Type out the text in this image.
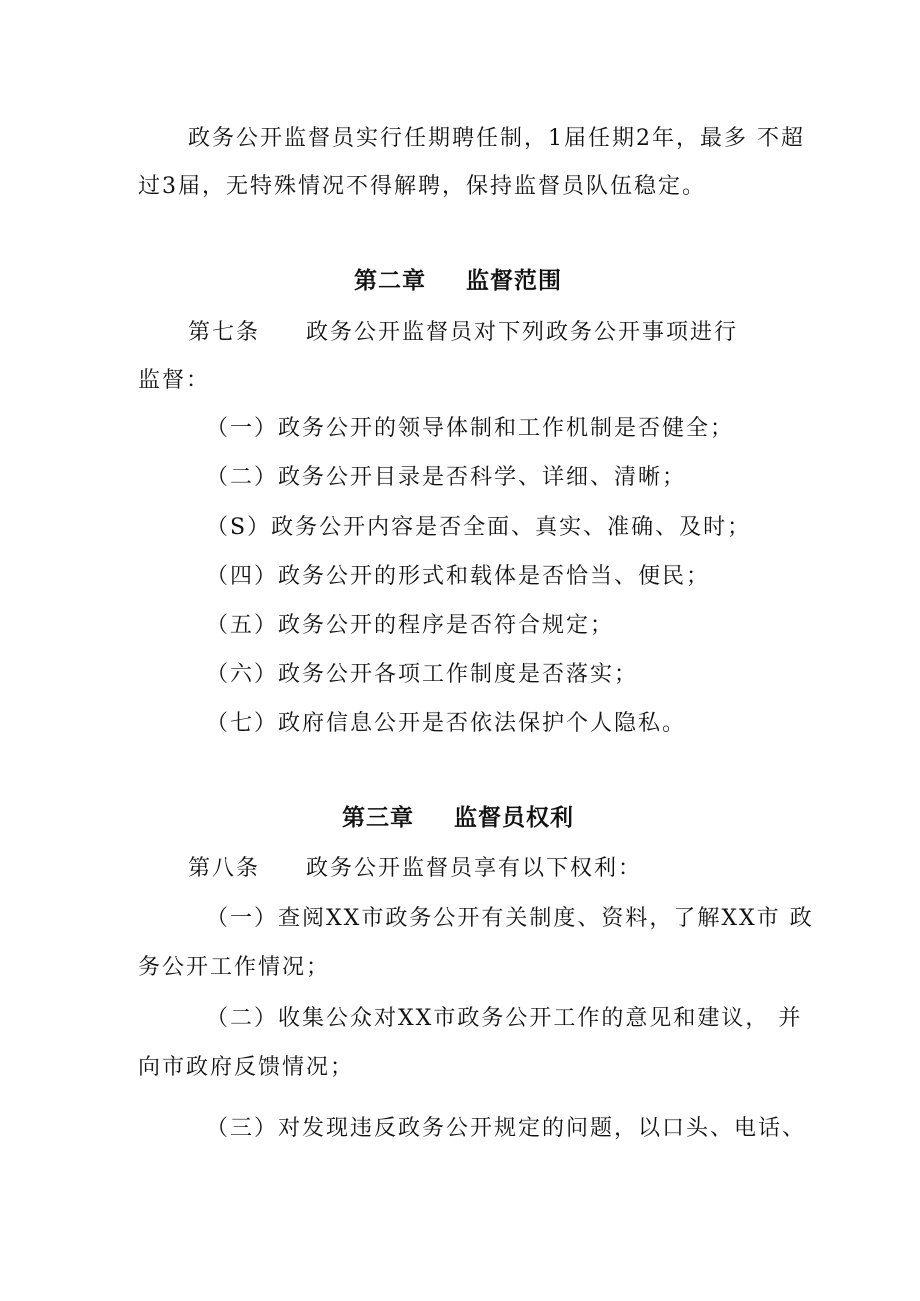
政务公开监督员实行任期聘任制，1届任期2年，最多 不超
过3届，无特殊情况不得解聘，保持监督员队伍稳定。
第二章 监督范围
第七条 政务公开监督员对下列政务公开事项进行
监督：
（一）政务公开的领导体制和工作机制是否健全；
（二）政务公开目录是否科学、详细、清晰；
（S）政务公开内容是否全面、真实、准确、及时；
（四）政务公开的形式和载体是否恰当、便民；
（五）政务公开的程序是否符合规定；
（六）政务公开各项工作制度是否落实；
（七）政府信息公开是否依法保护个人隐私。
第三章 监督员权利
第八条 政务公开监督员享有以下权利：
（一）查阅XX市政务公开有关制度、资料，了解XX市 政
务公开工作情况；
（二）收集公众对XX市政务公开工作的意见和建议， 并
向市政府反馈情况；
（三）对发现违反政务公开规定的问题，以口头、电话、
